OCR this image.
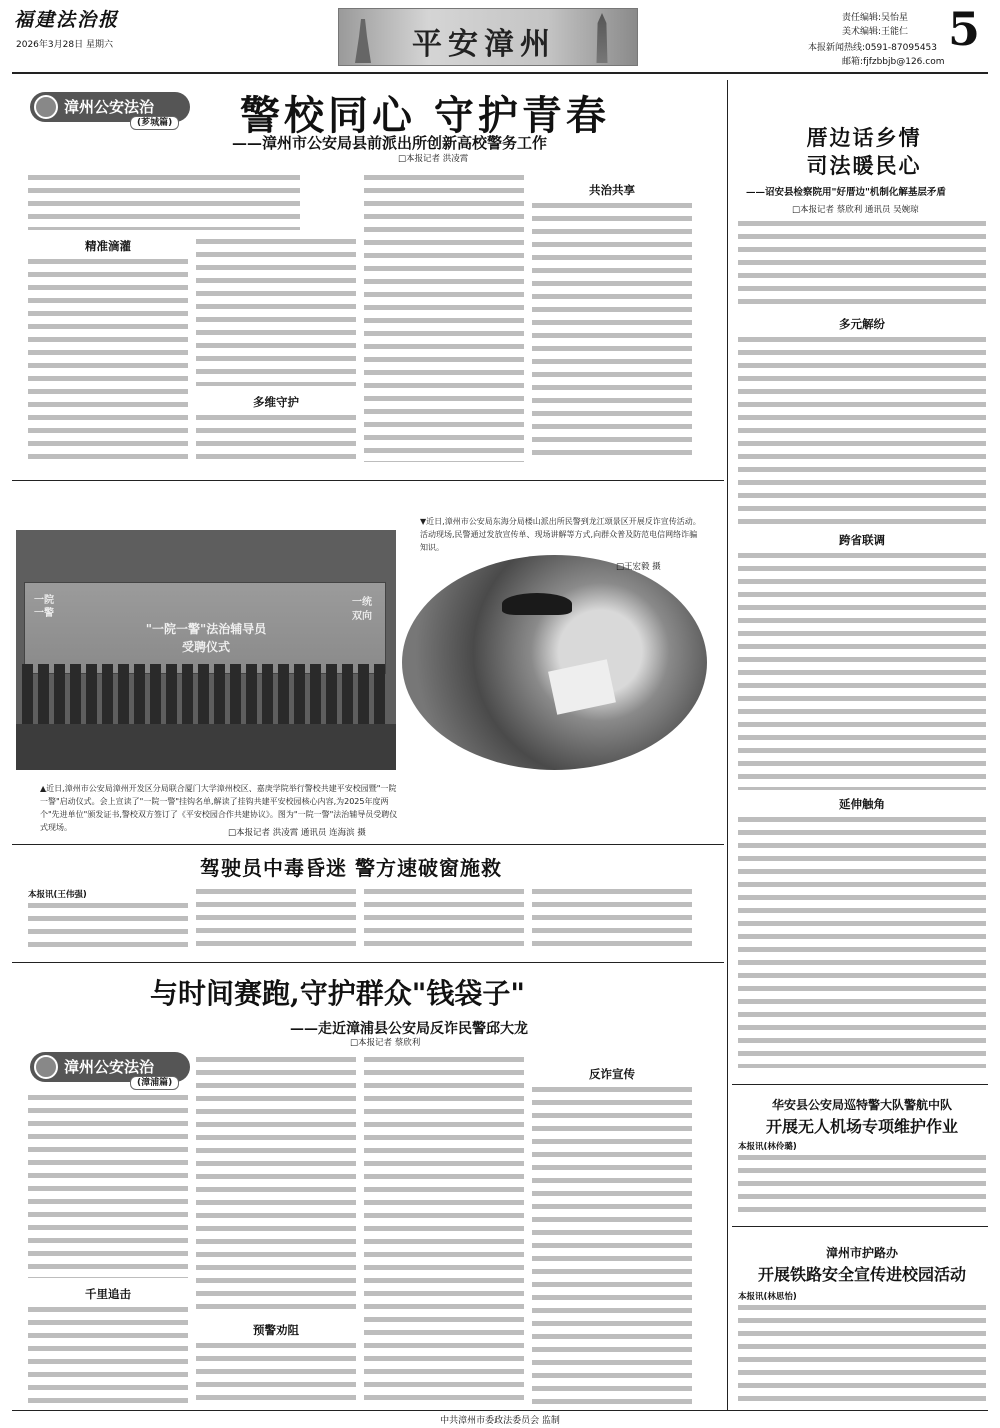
福建法治报
2026年3月28日 星期六	平安漳州
责任编辑:吴怡星
美术编辑:王能仁 5
本报新闻热线:0591-87095453
邮箱:fjfzbbjb@126.com
漳州公安法治
(芗城篇) 警校同心 守护青春
——漳州市公安局县前派出所创新高校警务工作
□本报记者 洪凌霄
精准滴灌
多维守护
共治共享
一院一警
"一院一警"法治辅导员
受聘仪式
一统
双向
▼近日,漳州市公安局东海分局楼山派出所民警到龙江颂景区开展反诈宣传活动。活动现场,民警通过发放宣传单、现场讲解等方式,向群众普及防范电信网络诈骗知识。
□王宏毅 摄
▲近日,漳州市公安局漳州开发区分局联合厦门大学漳州校区、嘉庚学院举行警校共建平安校园暨"一院一警"启动仪式。会上宣读了"一院一警"挂钩名单,解读了挂钩共建平安校园核心内容,为2025年度两个"先进单位"颁发证书,警校双方签订了《平安校园合作共建协议》。图为"一院一警"法治辅导员受聘仪式现场。
□本报记者 洪凌霄 通讯员 连海滨 摄
驾驶员中毒昏迷 警方速破窗施救
本报讯(王伟强)
与时间赛跑,守护群众"钱袋子"
——走近漳浦县公安局反诈民警邱大龙
□本报记者 蔡欣利
漳州公安法治
(漳浦篇)
千里追击
预警劝阻
反诈宣传
厝边话乡情
司法暖民心
——诏安县检察院用"好厝边"机制化解基层矛盾
□本报记者 蔡欣利 通讯员 吴婉琼
多元解纷
跨省联调
延伸触角
华安县公安局巡特警大队警航中队
开展无人机场专项维护作业
本报讯(林伶璐)
漳州市护路办
开展铁路安全宣传进校园活动
本报讯(林思怡)
中共漳州市委政法委员会 监制
